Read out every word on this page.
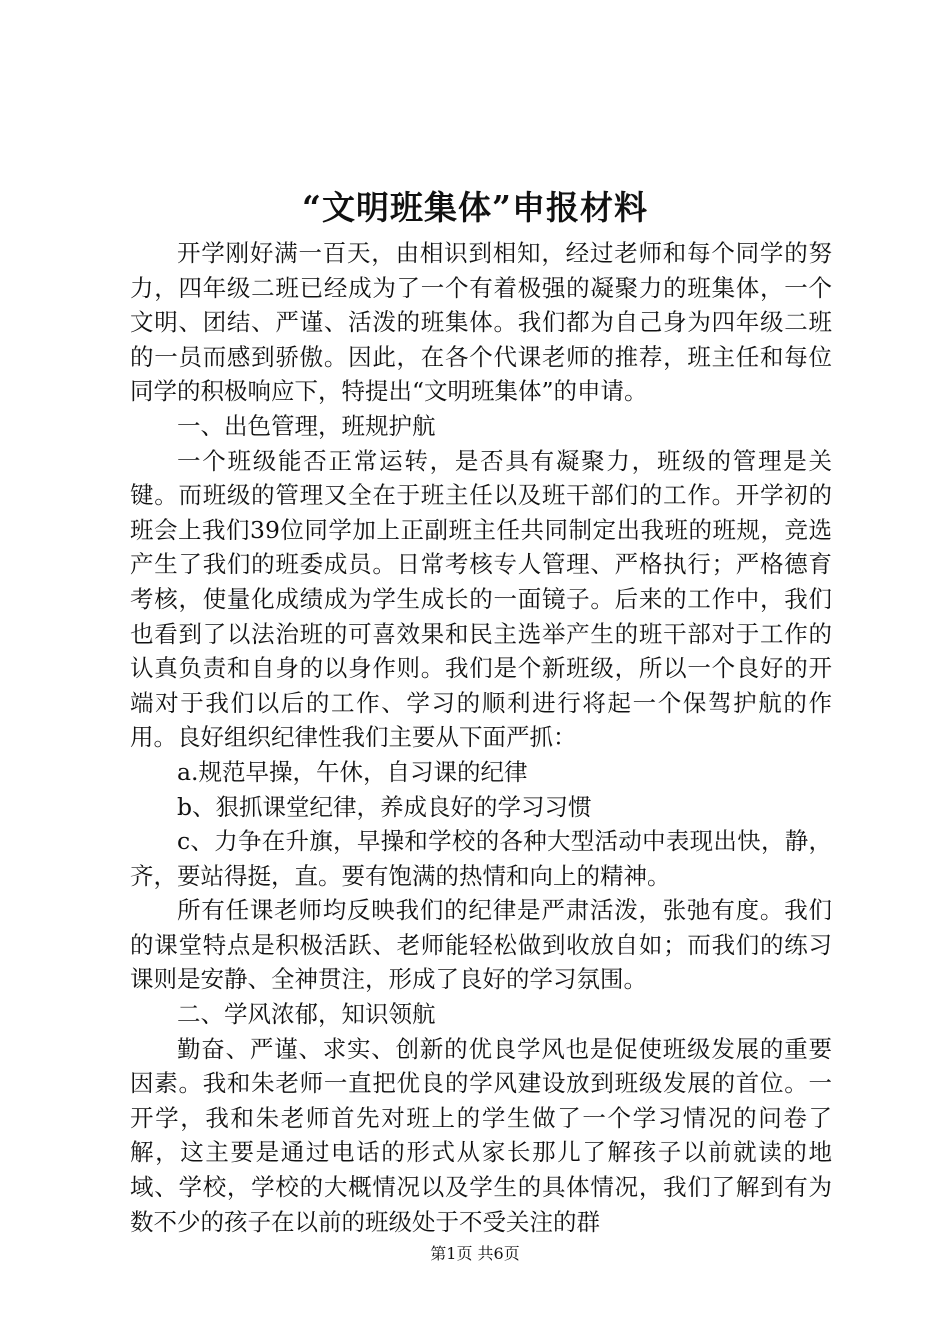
“文明班集体”申报材料

开学刚好满一百天，由相识到相知，经过老师和每个同学的努力，四年级二班已经成为了一个有着极强的凝聚力的班集体，一个文明、团结、严谨、活泼的班集体。我们都为自己身为四年级二班的一员而感到骄傲。因此，在各个代课老师的推荐，班主任和每位同学的积极响应下，特提出“文明班集体”的申请。

一、出色管理，班规护航

一个班级能否正常运转，是否具有凝聚力，班级的管理是关键。而班级的管理又全在于班主任以及班干部们的工作。开学初的班会上我们39位同学加上正副班主任共同制定出我班的班规，竞选产生了我们的班委成员。日常考核专人管理、严格执行；严格德育考核，使量化成绩成为学生成长的一面镜子。后来的工作中，我们也看到了以法治班的可喜效果和民主选举产生的班干部对于工作的认真负责和自身的以身作则。我们是个新班级，所以一个良好的开端对于我们以后的工作、学习的顺利进行将起一个保驾护航的作用。良好组织纪律性我们主要从下面严抓：

a.规范早操，午休，自习课的纪律

b、狠抓课堂纪律，养成良好的学习习惯

c、力争在升旗，早操和学校的各种大型活动中表现出快，静，齐，要站得挺，直。要有饱满的热情和向上的精神。

所有任课老师均反映我们的纪律是严肃活泼，张弛有度。我们的课堂特点是积极活跃、老师能轻松做到收放自如；而我们的练习课则是安静、全神贯注，形成了良好的学习氛围。

二、学风浓郁，知识领航

勤奋、严谨、求实、创新的优良学风也是促使班级发展的重要因素。我和朱老师一直把优良的学风建设放到班级发展的首位。一开学，我和朱老师首先对班上的学生做了一个学习情况的问卷了解，这主要是通过电话的形式从家长那儿了解孩子以前就读的地域、学校，学校的大概情况以及学生的具体情况，我们了解到有为数不少的孩子在以前的班级处于不受关注的群

第1页 共6页
